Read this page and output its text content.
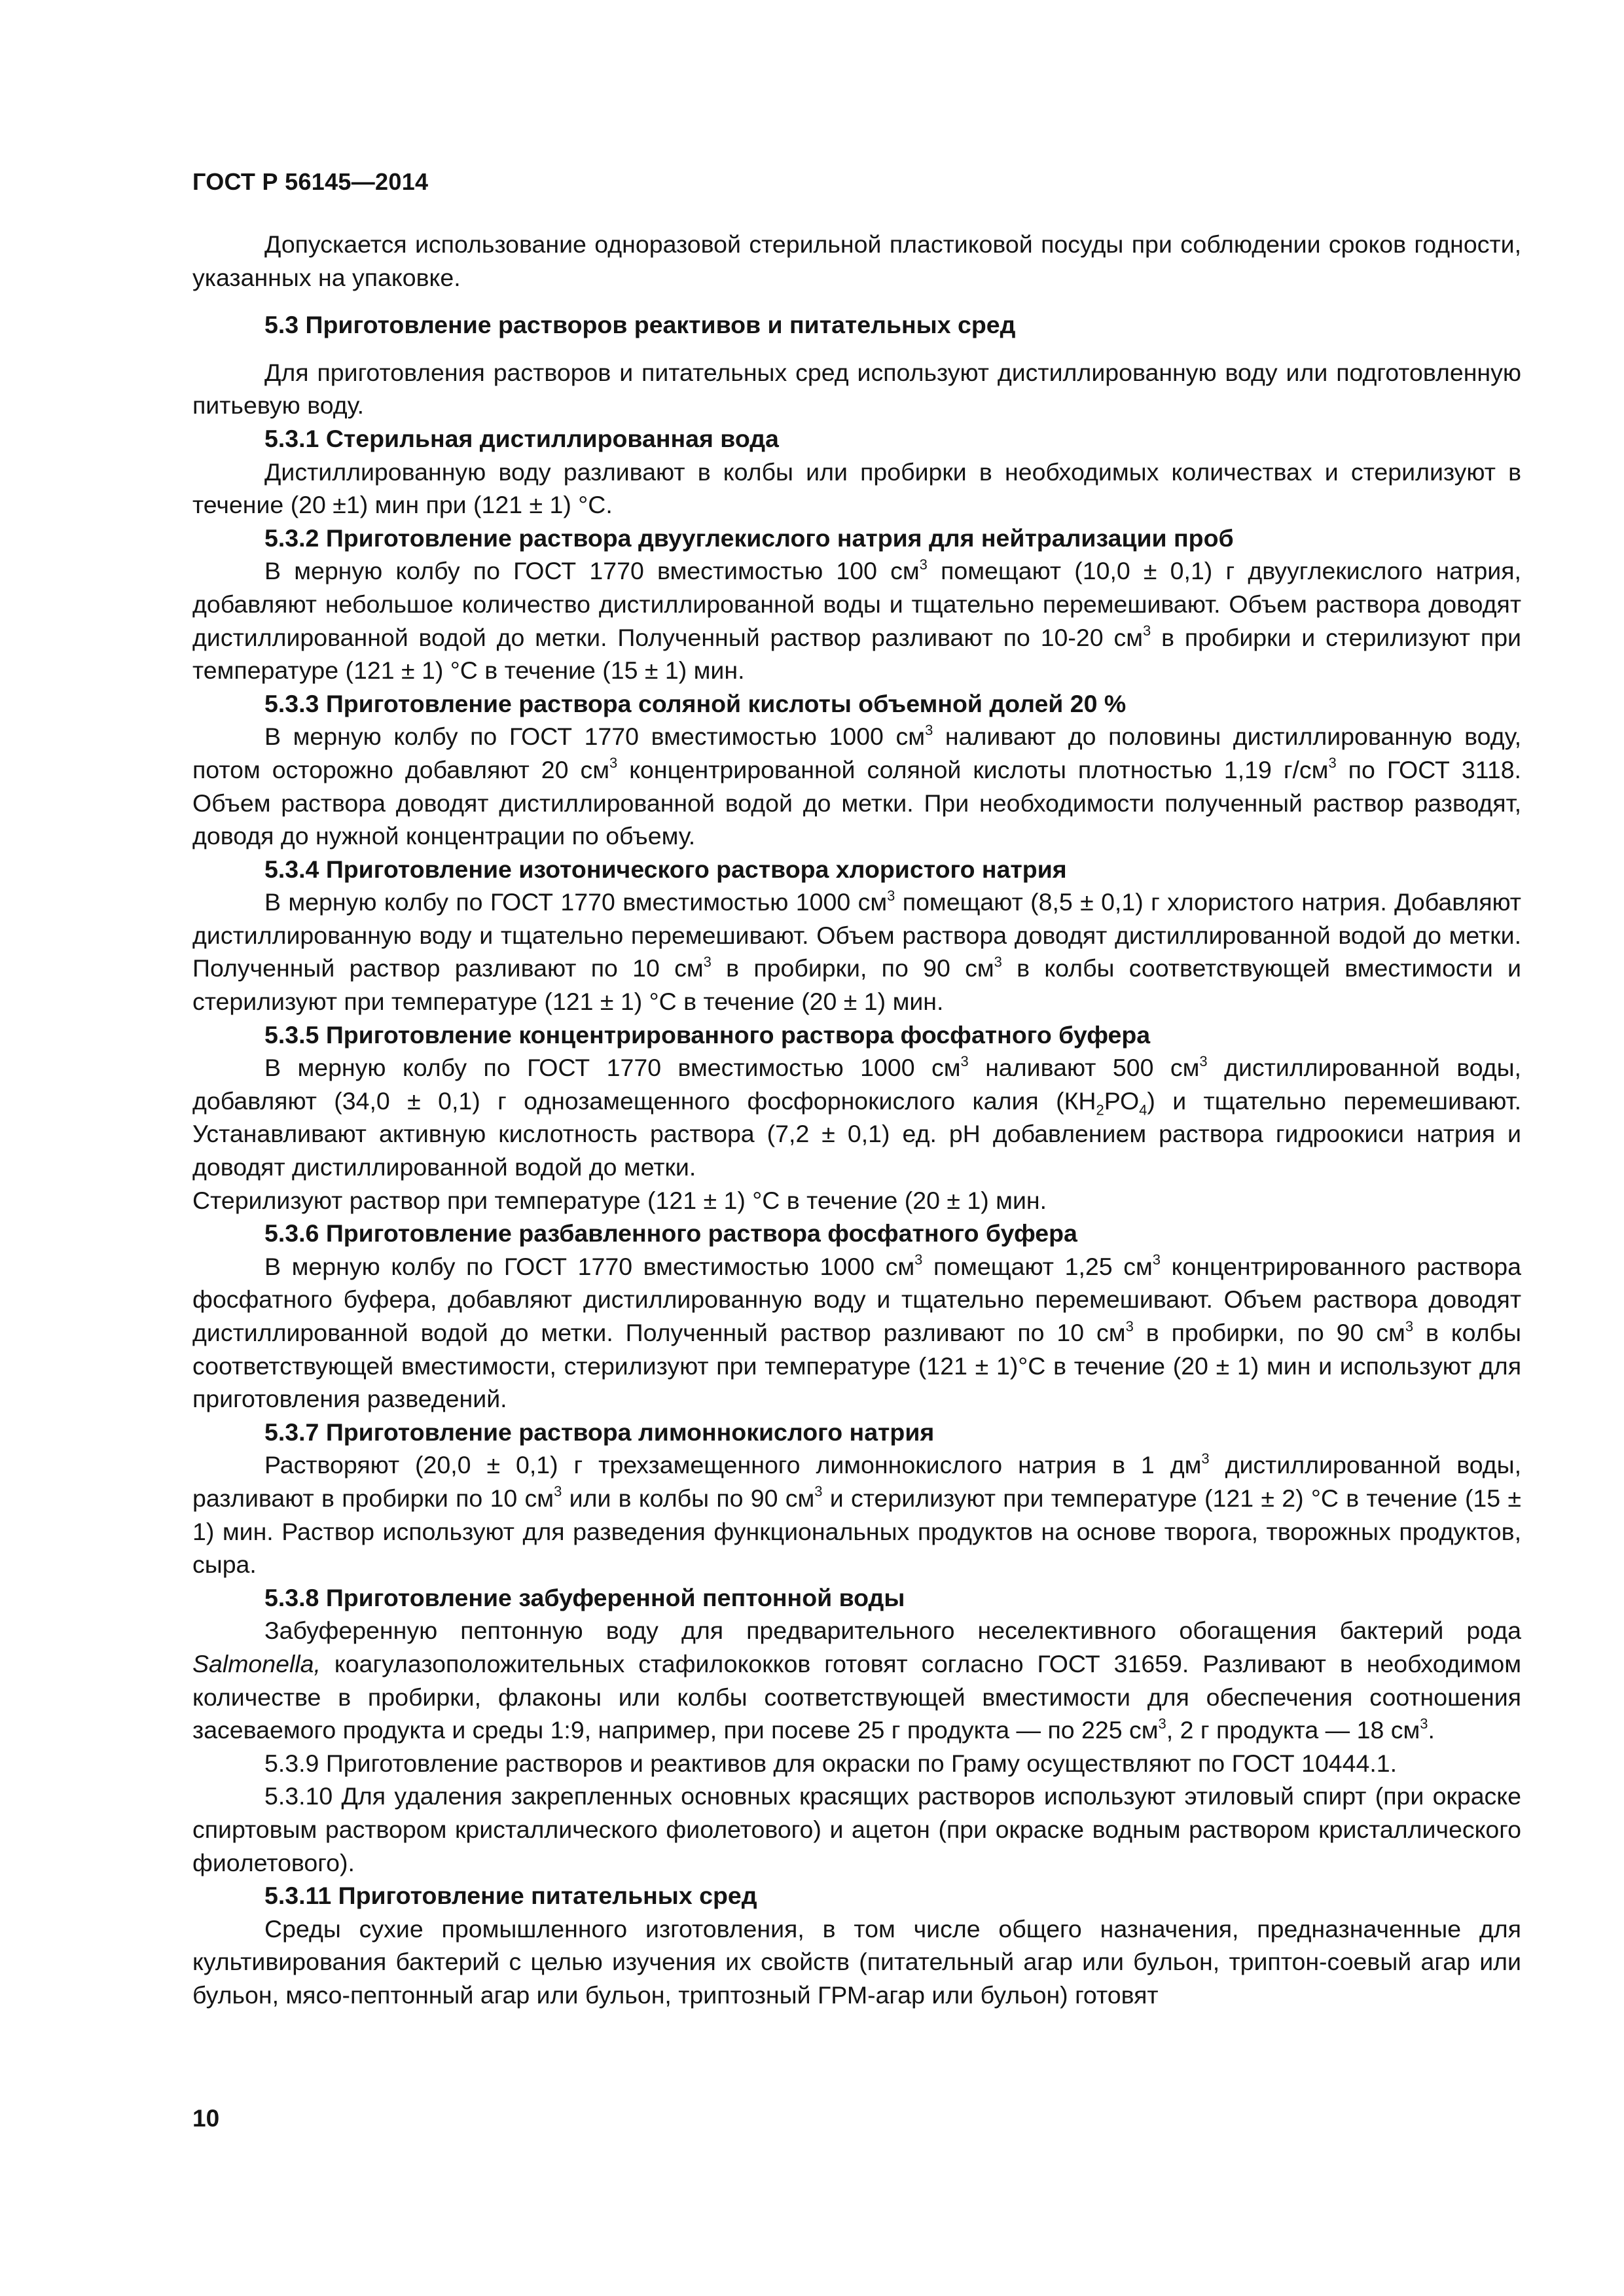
ГОСТ Р 56145—2014

Допускается использование одноразовой стерильной пластиковой посуды при соблюдении сроков годности, указанных на упаковке.

5.3 Приготовление растворов реактивов и питательных сред

Для приготовления растворов и питательных сред используют дистиллированную воду или подготовленную питьевую воду.

5.3.1 Стерильная дистиллированная вода

Дистиллированную воду разливают в колбы или пробирки в необходимых количествах и стерилизуют в течение (20 ±1) мин при (121 ± 1) °С.

5.3.2 Приготовление раствора двууглекислого натрия для нейтрализации проб

В мерную колбу по ГОСТ 1770 вместимостью 100 $см^3$ помещают (10,0 ± 0,1) г двууглекислого натрия, добавляют небольшое количество дистиллированной воды и тщательно перемешивают. Объем раствора доводят дистиллированной водой до метки. Полученный раствор разливают по 10-20 $см^3$ в пробирки и стерилизуют при температуре (121 ± 1) °С в течение (15 ± 1) мин.

5.3.3 Приготовление раствора соляной кислоты объемной долей 20 %

В мерную колбу по ГОСТ 1770 вместимостью 1000 $см^3$ наливают до половины дистиллированную воду, потом осторожно добавляют 20 $см^3$ концентрированной соляной кислоты плотностью 1,19 $г/см^3$ по ГОСТ 3118. Объем раствора доводят дистиллированной водой до метки. При необходимости полученный раствор разводят, доводя до нужной концентрации по объему.

5.3.4 Приготовление изотонического раствора хлористого натрия

В мерную колбу по ГОСТ 1770 вместимостью 1000 $см^3$ помещают (8,5 ± 0,1) г хлористого натрия. Добавляют дистиллированную воду и тщательно перемешивают. Объем раствора доводят дистиллированной водой до метки. Полученный раствор разливают по 10 $см^3$ в пробирки, по 90 $см^3$ в колбы соответствующей вместимости и стерилизуют при температуре (121 ± 1) °С в течение (20 ± 1) мин.

5.3.5 Приготовление концентрированного раствора фосфатного буфера

В мерную колбу по ГОСТ 1770 вместимостью 1000 $см^3$ наливают 500 $см^3$ дистиллированной воды, добавляют (34,0 ± 0,1) г однозамещенного фосфорнокислого калия $(КН_2РО_4)$ и тщательно перемешивают. Устанавливают активную кислотность раствора (7,2 ± 0,1) ед. рН добавлением раствора гидроокиси натрия и доводят дистиллированной водой до метки.

Стерилизуют раствор при температуре (121 ± 1) °С в течение (20 ± 1) мин.

5.3.6 Приготовление разбавленного раствора фосфатного буфера

В мерную колбу по ГОСТ 1770 вместимостью 1000 $см^3$ помещают 1,25 $см^3$ концентрированного раствора фосфатного буфера, добавляют дистиллированную воду и тщательно перемешивают. Объем раствора доводят дистиллированной водой до метки. Полученный раствор разливают по 10 $см^3$ в пробирки, по 90 $см^3$ в колбы соответствующей вместимости, стерилизуют при температуре (121 ± 1)°С в течение (20 ± 1) мин и используют для приготовления разведений.

5.3.7 Приготовление раствора лимоннокислого натрия

Растворяют (20,0 ± 0,1) г трехзамещенного лимоннокислого натрия в 1 $дм^3$ дистиллированной воды, разливают в пробирки по 10 $см^3$ или в колбы по 90 $см^3$ и стерилизуют при температуре (121 ± 2) °С в течение (15 ± 1) мин. Раствор используют для разведения функциональных продуктов на основе творога, творожных продуктов, сыра.

5.3.8 Приготовление забуференной пептонной воды

Забуференную пептонную воду для предварительного неселективного обогащения бактерий рода Salmonella, коагулазоположительных стафилококков готовят согласно ГОСТ 31659. Разливают в необходимом количестве в пробирки, флаконы или колбы соответствующей вместимости для обеспечения соотношения засеваемого продукта и среды 1:9, например, при посеве 25 г продукта — по 225 $см^3$, 2 г продукта — 18 $см^3$.

5.3.9 Приготовление растворов и реактивов для окраски по Граму осуществляют по ГОСТ 10444.1.

5.3.10 Для удаления закрепленных основных красящих растворов используют этиловый спирт (при окраске спиртовым раствором кристаллического фиолетового) и ацетон (при окраске водным раствором кристаллического фиолетового).

5.3.11 Приготовление питательных сред

Среды сухие промышленного изготовления, в том числе общего назначения, предназначенные для культивирования бактерий с целью изучения их свойств (питательный агар или бульон, триптон-соевый агар или бульон, мясо-пептонный агар или бульон, триптозный ГРМ-агар или бульон) готовят

10
